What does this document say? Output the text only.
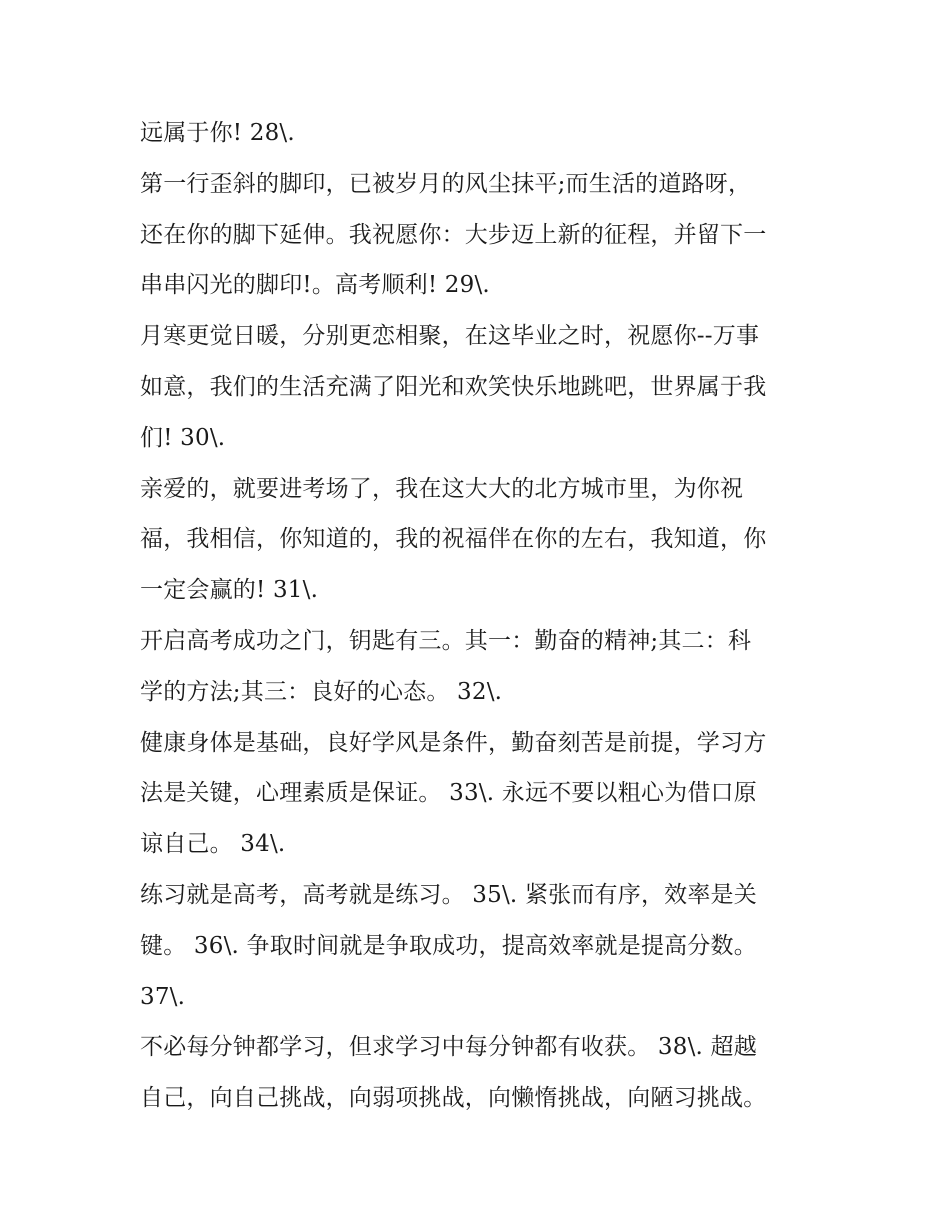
远属于你! 28\.
第一行歪斜的脚印，已被岁月的风尘抹平;而生活的道路呀，
还在你的脚下延伸。我祝愿你：大步迈上新的征程，并留下一
串串闪光的脚印!。高考顺利! 29\.
月寒更觉日暖，分别更恋相聚，在这毕业之时，祝愿你--万事
如意，我们的生活充满了阳光和欢笑快乐地跳吧，世界属于我
们! 30\.
亲爱的，就要进考场了，我在这大大的北方城市里，为你祝
福，我相信，你知道的，我的祝福伴在你的左右，我知道，你
一定会赢的! 31\.
开启高考成功之门，钥匙有三。其一：勤奋的精神;其二：科
学的方法;其三：良好的心态。 32\.
健康身体是基础，良好学风是条件，勤奋刻苦是前提，学习方
法是关键，心理素质是保证。 33\. 永远不要以粗心为借口原
谅自己。 34\.
练习就是高考，高考就是练习。 35\. 紧张而有序，效率是关
键。 36\. 争取时间就是争取成功，提高效率就是提高分数。
37\.
不必每分钟都学习，但求学习中每分钟都有收获。 38\. 超越
自己，向自己挑战，向弱项挑战，向懒惰挑战，向陋习挑战。
